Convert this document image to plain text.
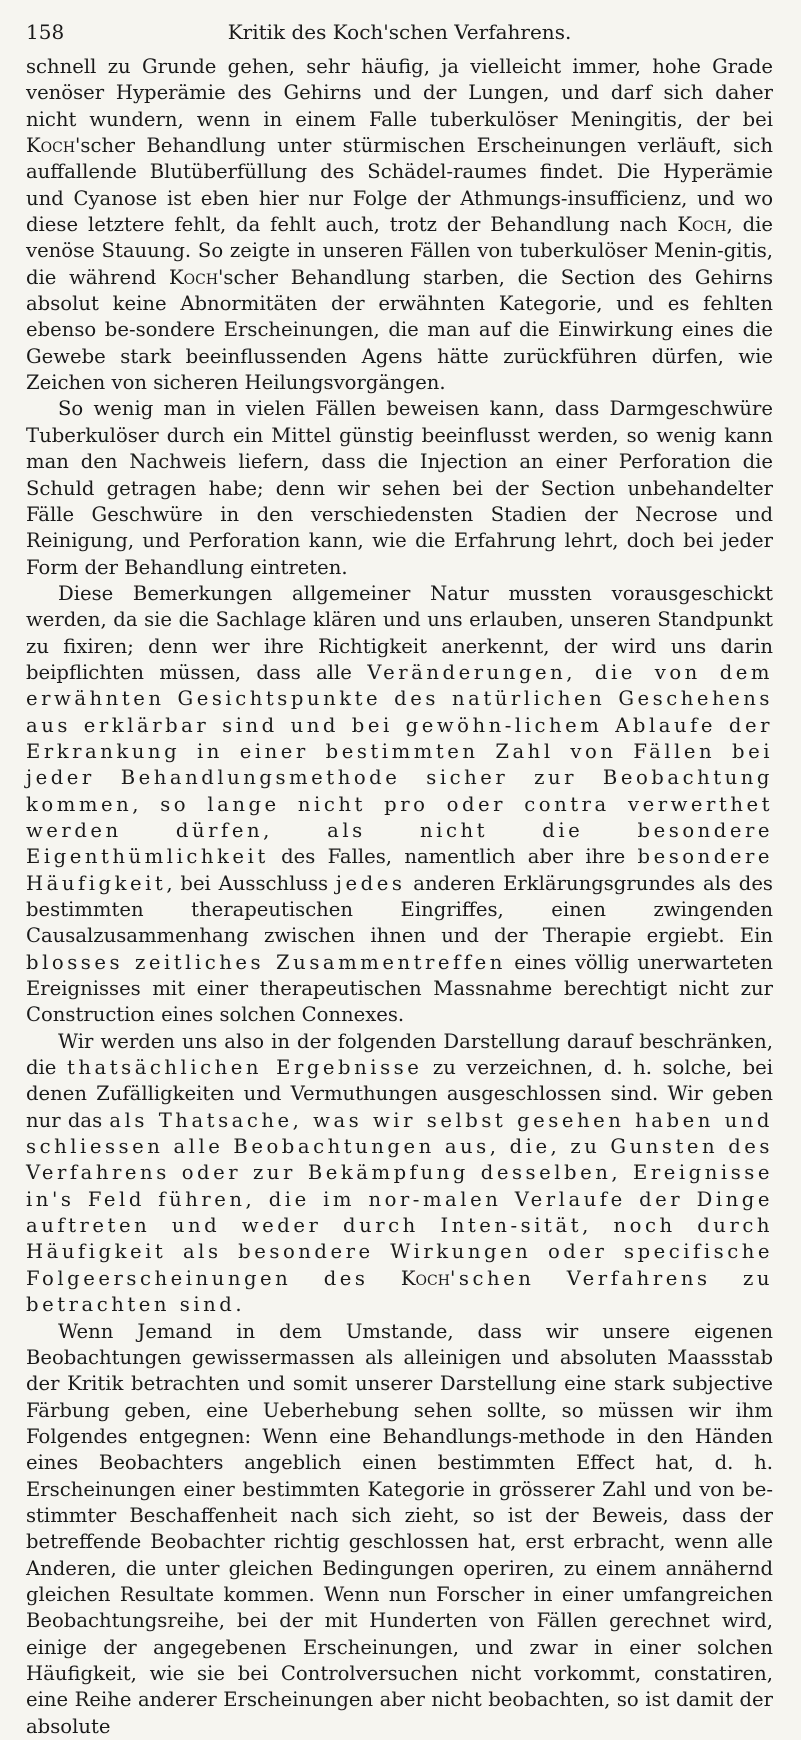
158	Kritik des Koch'schen Verfahrens.

schnell zu Grunde gehen, sehr häufig, ja vielleicht immer, hohe Grade venöser Hyperämie des Gehirns und der Lungen, und darf sich daher nicht wundern, wenn in einem Falle tuberkulöser Meningitis, der bei Koch'scher Behandlung unter stürmischen Erscheinungen verläuft, sich auffallende Blutüberfüllung des Schädel-raumes findet. Die Hyperämie und Cyanose ist eben hier nur Folge der Athmungs-insufficienz, und wo diese letztere fehlt, da fehlt auch, trotz der Behandlung nach Koch, die venöse Stauung. So zeigte in unseren Fällen von tuberkulöser Menin-gitis, die während Koch'scher Behandlung starben, die Section des Gehirns absolut keine Abnormitäten der erwähnten Kategorie, und es fehlten ebenso be-sondere Erscheinungen, die man auf die Einwirkung eines die Gewebe stark beeinflussenden Agens hätte zurückführen dürfen, wie Zeichen von sicheren Heilungsvorgängen.

So wenig man in vielen Fällen beweisen kann, dass Darmgeschwüre Tuberkulöser durch ein Mittel günstig beeinflusst werden, so wenig kann man den Nachweis liefern, dass die Injection an einer Perforation die Schuld getragen habe; denn wir sehen bei der Section unbehandelter Fälle Geschwüre in den verschiedensten Stadien der Necrose und Reinigung, und Perforation kann, wie die Erfahrung lehrt, doch bei jeder Form der Behandlung eintreten.

Diese Bemerkungen allgemeiner Natur mussten vorausgeschickt werden, da sie die Sachlage klären und uns erlauben, unseren Standpunkt zu fixiren; denn wer ihre Richtigkeit anerkennt, der wird uns darin beipflichten müssen, dass alle Veränderungen, die von dem erwähnten Gesichtspunkte des natürlichen Geschehens aus erklärbar sind und bei gewöhn-lichem Ablaufe der Erkrankung in einer bestimmten Zahl von Fällen bei jeder Behandlungsmethode sicher zur Beobachtung kommen, so lange nicht pro oder contra verwerthet werden dürfen, als nicht die besondere Eigenthümlichkeit des Falles, namentlich aber ihre besondere Häufigkeit, bei Ausschluss jedes anderen Erklärungsgrundes als des bestimmten therapeutischen Eingriffes, einen zwingenden Causalzusammenhang zwischen ihnen und der Therapie ergiebt. Ein blosses zeitliches Zusammentreffen eines völlig unerwarteten Ereignisses mit einer therapeutischen Massnahme berechtigt nicht zur Construction eines solchen Connexes.

Wir werden uns also in der folgenden Darstellung darauf beschränken, die thatsächlichen Ergebnisse zu verzeichnen, d. h. solche, bei denen Zufälligkeiten und Vermuthungen ausgeschlossen sind. Wir geben nur das als Thatsache, was wir selbst gesehen haben und schliessen alle Beobachtungen aus, die, zu Gunsten des Verfahrens oder zur Bekämpfung desselben, Ereignisse in's Feld führen, die im nor-malen Verlaufe der Dinge auftreten und weder durch Inten-sität, noch durch Häufigkeit als besondere Wirkungen oder specifische Folgeerscheinungen des Koch'schen Verfahrens zu betrachten sind.

Wenn Jemand in dem Umstande, dass wir unsere eigenen Beobachtungen gewissermassen als alleinigen und absoluten Maassstab der Kritik betrachten und somit unserer Darstellung eine stark subjective Färbung geben, eine Ueberhebung sehen sollte, so müssen wir ihm Folgendes entgegnen: Wenn eine Behandlungs-methode in den Händen eines Beobachters angeblich einen bestimmten Effect hat, d. h. Erscheinungen einer bestimmten Kategorie in grösserer Zahl und von be-stimmter Beschaffenheit nach sich zieht, so ist der Beweis, dass der betreffende Beobachter richtig geschlossen hat, erst erbracht, wenn alle Anderen, die unter gleichen Bedingungen operiren, zu einem annähernd gleichen Resultate kommen. Wenn nun Forscher in einer umfangreichen Beobachtungsreihe, bei der mit Hunderten von Fällen gerechnet wird, einige der angegebenen Erscheinungen, und zwar in einer solchen Häufigkeit, wie sie bei Controlversuchen nicht vorkommt, constatiren, eine Reihe anderer Erscheinungen aber nicht beobachten, so ist damit der absolute
